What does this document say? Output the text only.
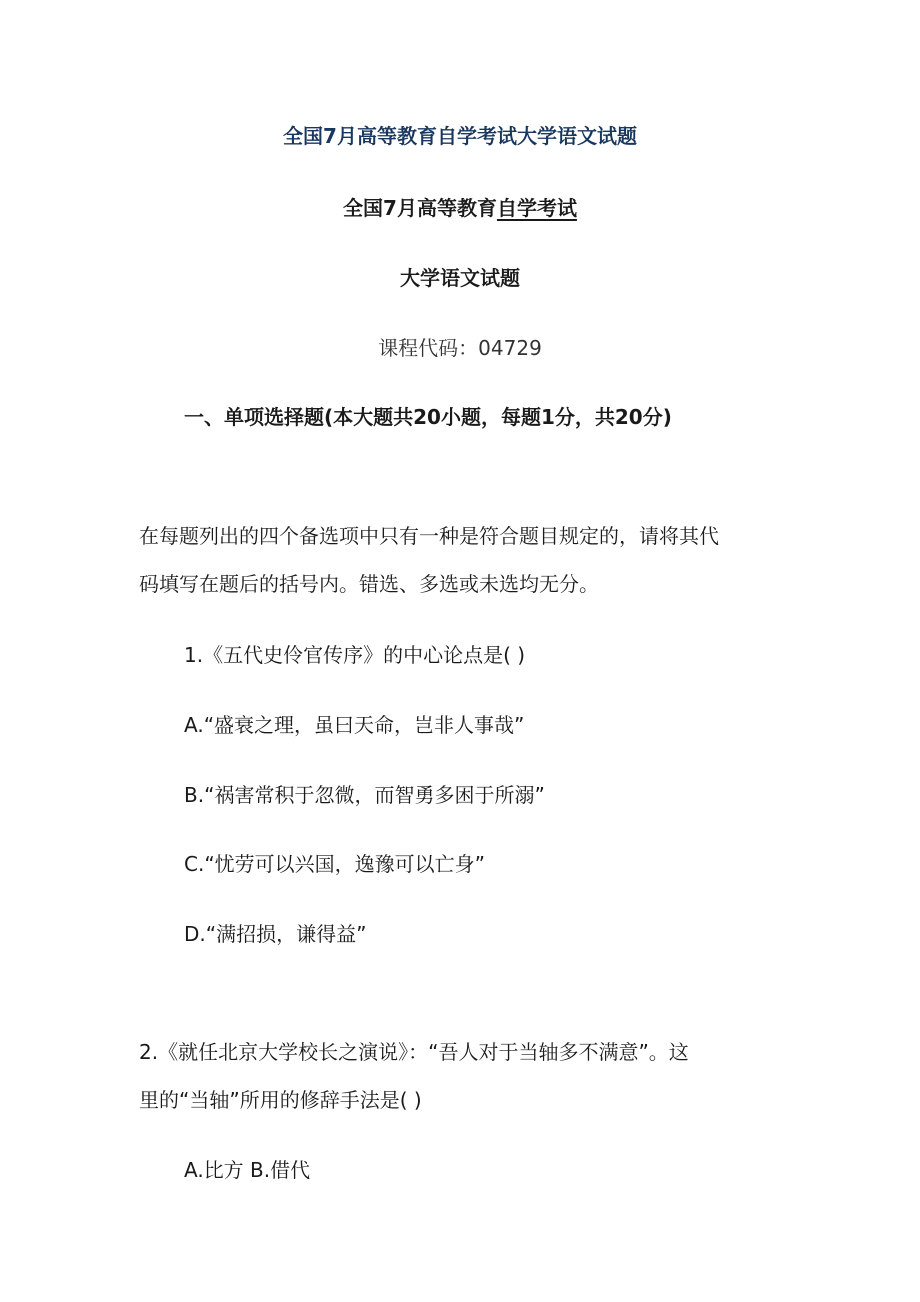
全国7月高等教育自学考试大学语文试题
全国7月高等教育自学考试
大学语文试题
课程代码：04729
一、单项选择题(本大题共20小题，每题1分，共20分)
在每题列出的四个备选项中只有一种是符合题目规定的，请将其代
码填写在题后的括号内。错选、多选或未选均无分。
1.《五代史伶官传序》的中心论点是( )
A.“盛衰之理，虽曰天命，岂非人事哉”
B.“祸害常积于忽微，而智勇多困于所溺”
C.“忧劳可以兴国，逸豫可以亡身”
D.“满招损，谦得益”
2.《就任北京大学校长之演说》：“吾人对于当轴多不满意”。这
里的“当轴”所用的修辞手法是( )
A.比方 B.借代
